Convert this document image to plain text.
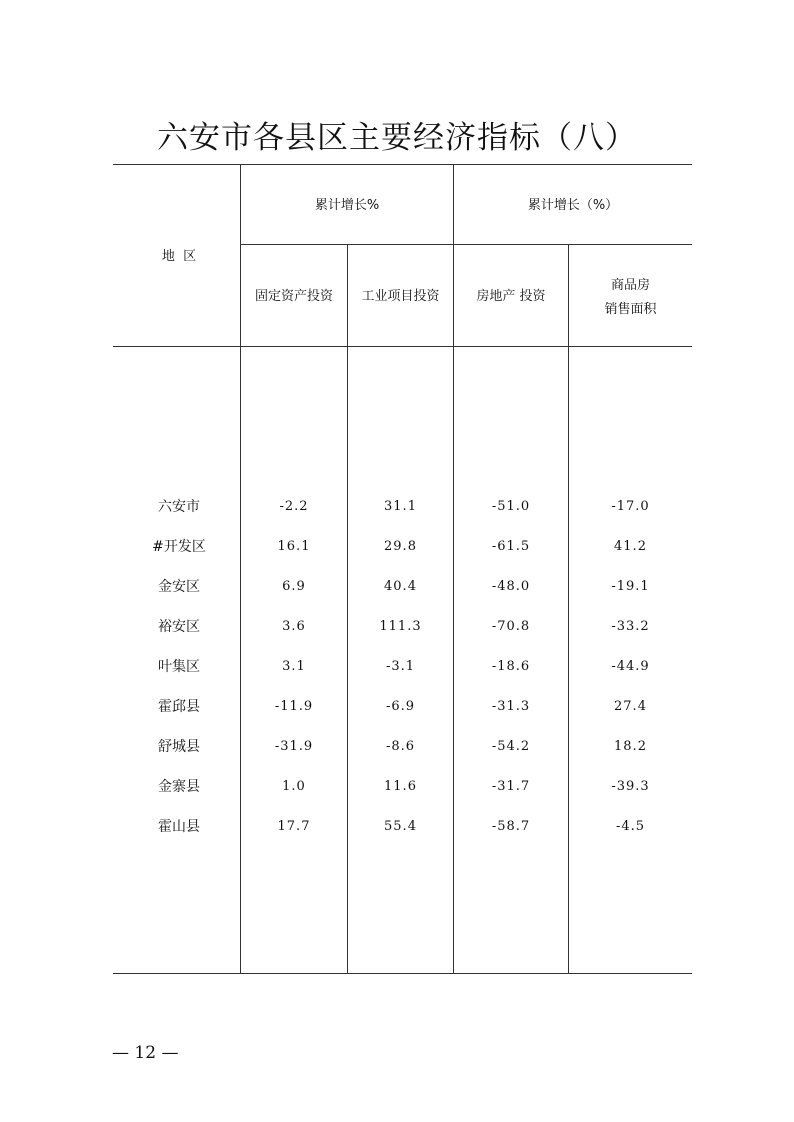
六安市各县区主要经济指标（八）
地  区
累计增长%	累计增长（%）
固定资产投资	工业项目投资	房地产 投资
商品房
销售面积
六安市	-2.2	31.1	-51.0	-17.0
#开发区	16.1	29.8	-61.5	41.2
金安区	6.9	40.4	-48.0	-19.1
裕安区	3.6	111.3	-70.8	-33.2
叶集区	3.1	-3.1	-18.6	-44.9
霍邱县	-11.9	-6.9	-31.3	27.4
舒城县	-31.9	-8.6	-54.2	18.2
金寨县	1.0	11.6	-31.7	-39.3
霍山县	17.7	55.4	-58.7	-4.5
— 12 —
